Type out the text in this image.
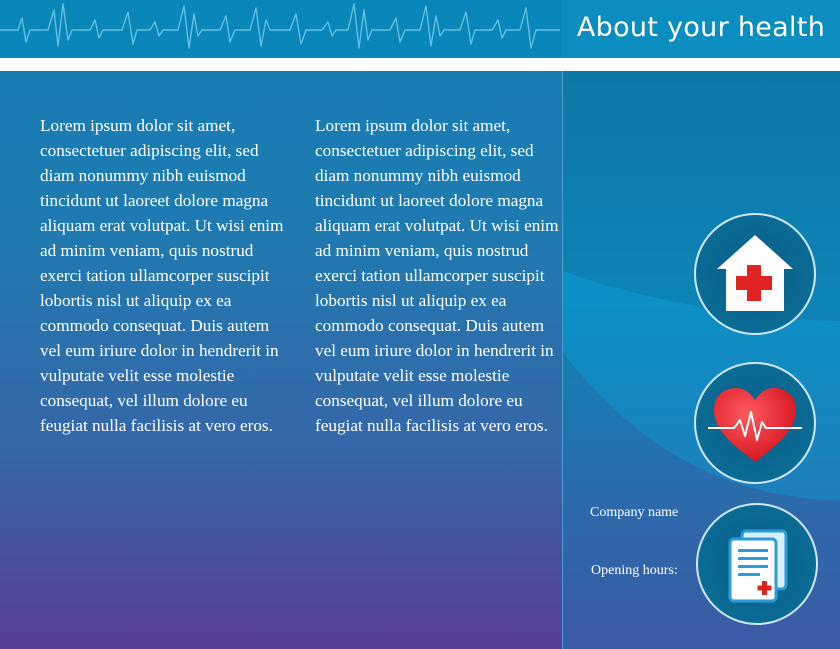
About your health

Lorem ipsum dolor sit amet, consectetuer adipiscing elit, sed diam nonummy nibh euismod tincidunt ut laoreet dolore magna aliquam erat volutpat. Ut wisi enim ad minim veniam, quis nostrud exerci tation ullamcorper suscipit lobortis nisl ut aliquip ex ea commodo consequat. Duis autem vel eum iriure dolor in hendrerit in vulputate velit esse molestie consequat, vel illum dolore eu feugiat nulla facilisis at vero eros.

Lorem ipsum dolor sit amet, consectetuer adipiscing elit, sed diam nonummy nibh euismod tincidunt ut laoreet dolore magna aliquam erat volutpat. Ut wisi enim ad minim veniam, quis nostrud exerci tation ullamcorper suscipit lobortis nisl ut aliquip ex ea commodo consequat. Duis autem vel eum iriure dolor in hendrerit in vulputate velit esse molestie consequat, vel illum dolore eu feugiat nulla facilisis at vero eros.

Company name
Opening hours:
